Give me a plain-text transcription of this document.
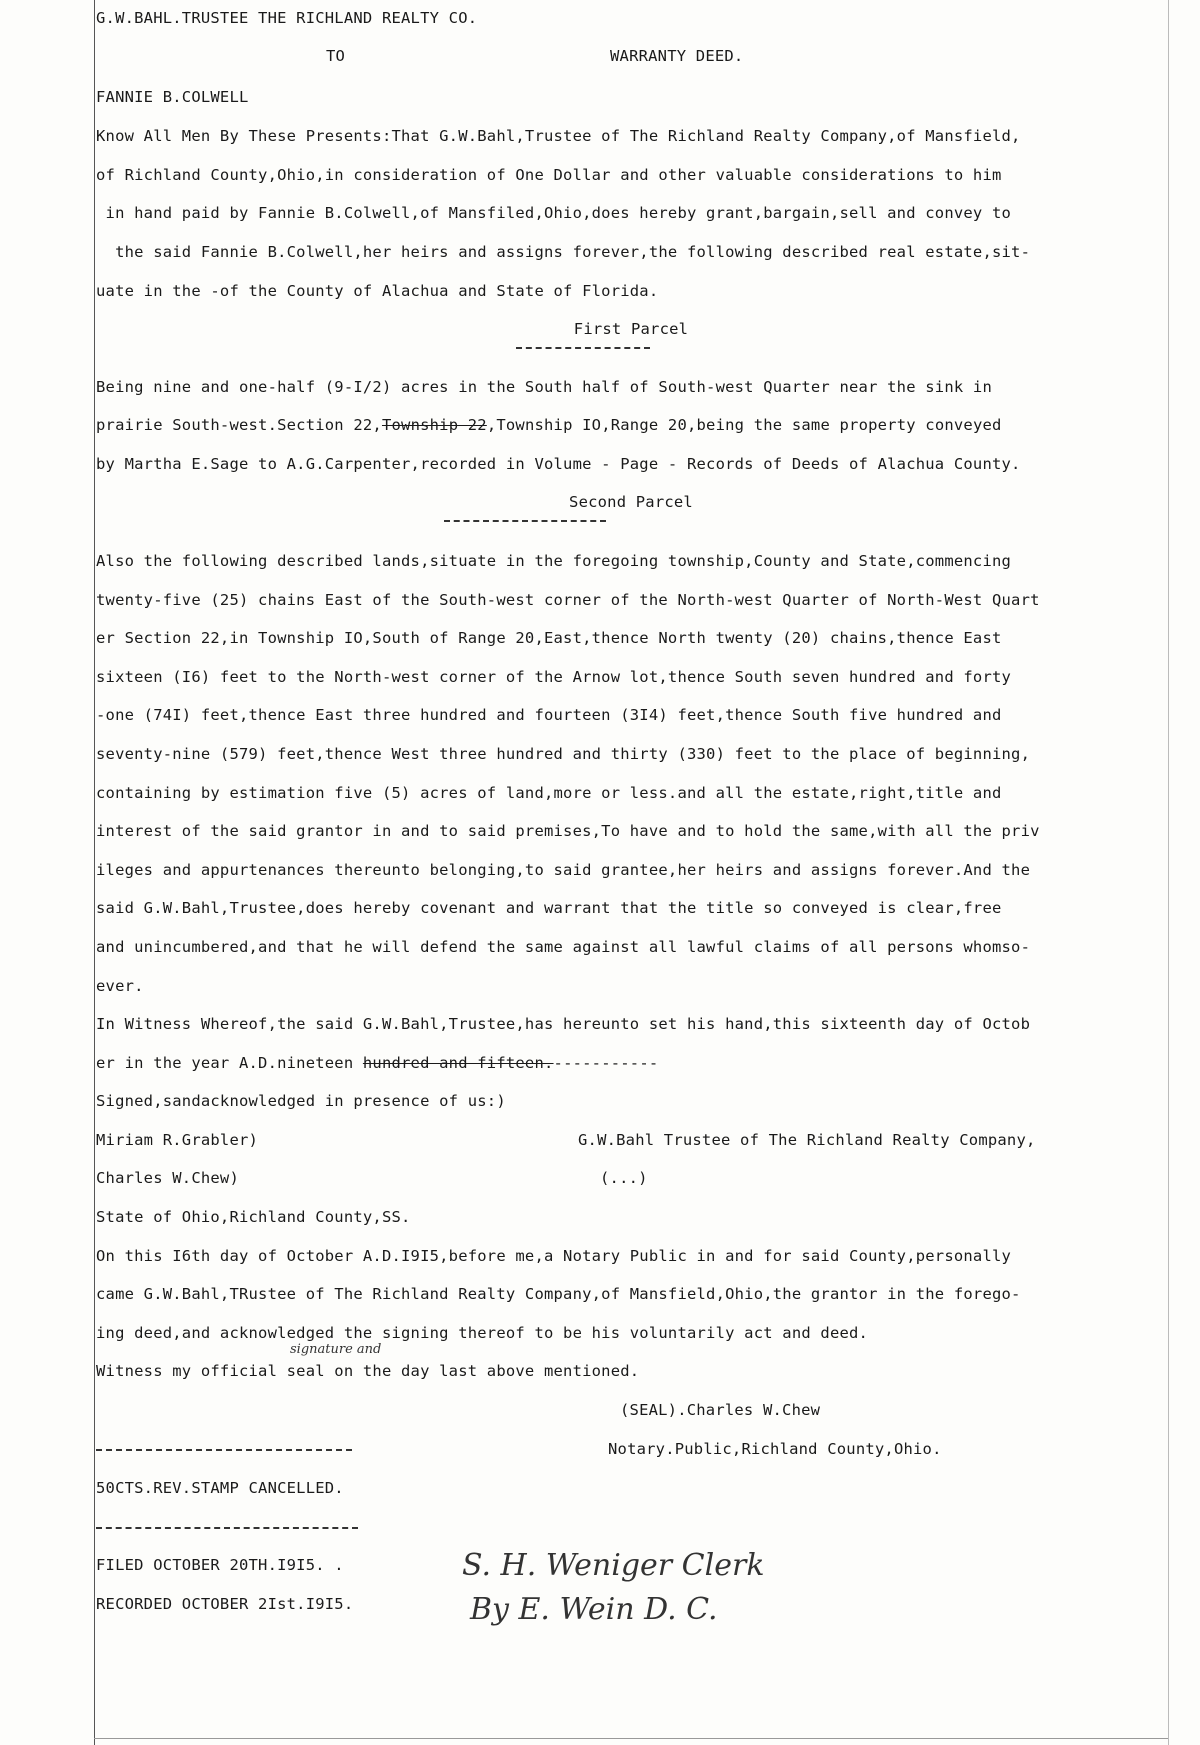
G.W.BAHL.TRUSTEE THE RICHLAND REALTY CO.
TO	WARRANTY DEED.
FANNIE B.COLWELL
Know All Men By These Presents:That G.W.Bahl,Trustee of The Richland Realty Company,of Mansfield,
of Richland County,Ohio,in consideration of One Dollar and other valuable considerations to him
in hand paid by Fannie B.Colwell,of Mansfiled,Ohio,does hereby grant,bargain,sell and convey to
the said Fannie B.Colwell,her heirs and assigns forever,the following described real estate,sit-
uate in the -of the County of Alachua and State of Florida.
First Parcel
Being nine and one-half (9-I/2) acres in the South half of South-west Quarter near the sink in
prairie South-west.Section 22,Township 22,Township IO,Range 20,being the same property conveyed
by Martha E.Sage to A.G.Carpenter,recorded in Volume - Page - Records of Deeds of Alachua County.
Second Parcel
Also the following described lands,situate in the foregoing township,County and State,commencing
twenty-five (25) chains East of the South-west corner of the North-west Quarter of North-West Quart
er Section 22,in Township IO,South of Range 20,East,thence North twenty (20) chains,thence East
sixteen (I6) feet to the North-west corner of the Arnow lot,thence South seven hundred and forty
-one (74I) feet,thence East three hundred and fourteen (3I4) feet,thence South five hundred and
seventy-nine (579) feet,thence West three hundred and thirty (330) feet to the place of beginning,
containing by estimation five (5) acres of land,more or less.and all the estate,right,title and
interest of the said grantor in and to said premises,To have and to hold the same,with all the priv
ileges and appurtenances thereunto belonging,to said grantee,her heirs and assigns forever.And the
said G.W.Bahl,Trustee,does hereby covenant and warrant that the title so conveyed is clear,free
and unincumbered,and that he will defend the same against all lawful claims of all persons whomso-
ever.
In Witness Whereof,the said G.W.Bahl,Trustee,has hereunto set his hand,this sixteenth day of Octob
er in the year A.D.nineteen hundred and fifteen.-----------
Signed,sandacknowledged in presence of us:)
Miriam R.Grabler)	G.W.Bahl Trustee of The Richland Realty Company,
Charles W.Chew)	(...)
State of Ohio,Richland County,SS.
On this I6th day of October A.D.I9I5,before me,a Notary Public in and for said County,personally
came G.W.Bahl,TRustee of The Richland Realty Company,of Mansfield,Ohio,the grantor in the forego-
ing deed,and acknowledged the signing thereof to be his voluntarily act and deed.
signature and
Witness my official seal on the day last above mentioned.
(SEAL).Charles W.Chew
Notary.Public,Richland County,Ohio.
50CTS.REV.STAMP CANCELLED.
FILED OCTOBER 20TH.I9I5. .
RECORDED OCTOBER 2Ist.I9I5.
S. H. Weniger Clerk
By E. Wein D. C.
